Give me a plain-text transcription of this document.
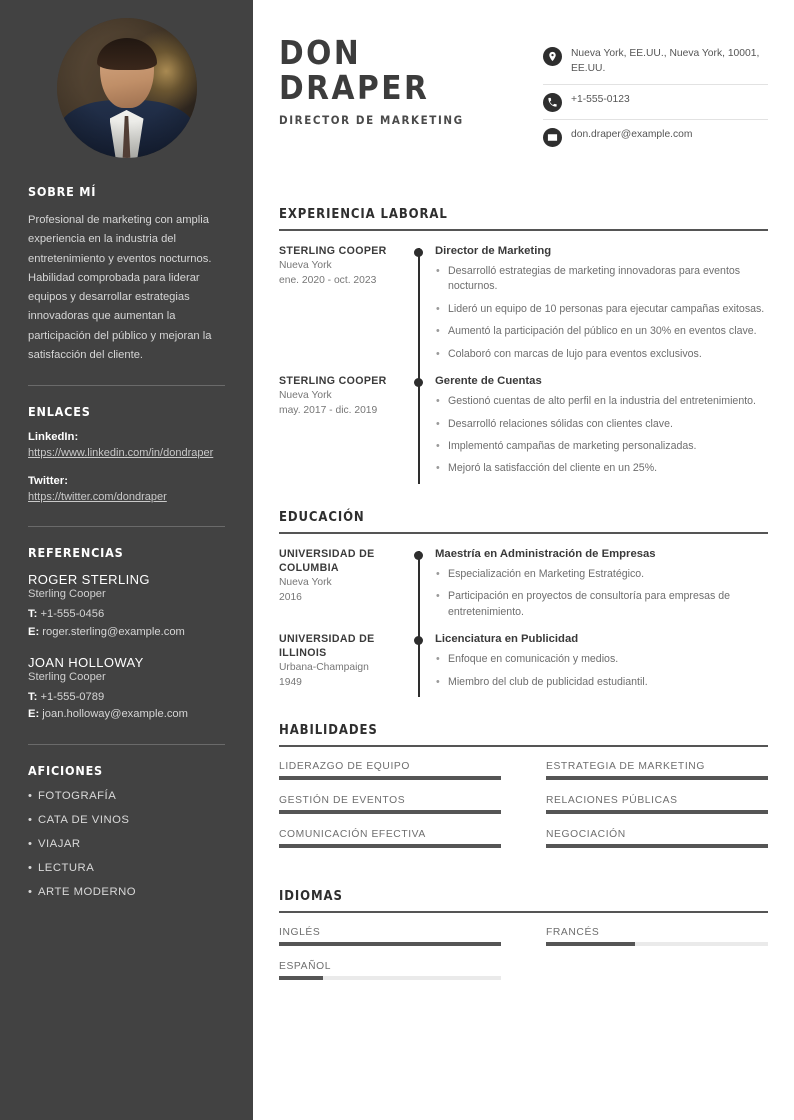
SOBRE MÍ

Profesional de marketing con amplia experiencia en la industria del entretenimiento y eventos nocturnos. Habilidad comprobada para liderar equipos y desarrollar estrategias innovadoras que aumentan la participación del público y mejoran la satisfacción del cliente.

ENLACES
LinkedIn:
https://www.linkedin.com/in/dondraper
Twitter:
https://twitter.com/dondraper
REFERENCIAS
ROGER STERLING
Sterling Cooper
T: +1-555-0456
E: roger.sterling@example.com
JOAN HOLLOWAY
Sterling Cooper
T: +1-555-0789
E: joan.holloway@example.com
AFICIONES
• FOTOGRAFÍA
• CATA DE VINOS
• VIAJAR
• LECTURA
• ARTE MODERNO
DON
DRAPER
DIRECTOR DE MARKETING
Nueva York, EE.UU., Nueva York, 10001, EE.UU.
+1-555-0123
don.draper@example.com
EXPERIENCIA LABORAL
STERLING COOPER
Nueva York
ene. 2020 - oct. 2023
Director de Marketing
• Desarrolló estrategias de marketing innovadoras para eventos nocturnos.
• Lideró un equipo de 10 personas para ejecutar campañas exitosas.
• Aumentó la participación del público en un 30% en eventos clave.
• Colaboró con marcas de lujo para eventos exclusivos.
STERLING COOPER
Nueva York
may. 2017 - dic. 2019
Gerente de Cuentas
• Gestionó cuentas de alto perfil en la industria del entretenimiento.
• Desarrolló relaciones sólidas con clientes clave.
• Implementó campañas de marketing personalizadas.
• Mejoró la satisfacción del cliente en un 25%.
EDUCACIÓN
UNIVERSIDAD DE COLUMBIA
Nueva York
2016
Maestría en Administración de Empresas
• Especialización en Marketing Estratégico.
• Participación en proyectos de consultoría para empresas de entretenimiento.
UNIVERSIDAD DE ILLINOIS
Urbana-Champaign
1949
Licenciatura en Publicidad
• Enfoque en comunicación y medios.
• Miembro del club de publicidad estudiantil.
HABILIDADES
LIDERAZGO DE EQUIPO	ESTRATEGIA DE MARKETING
GESTIÓN DE EVENTOS	RELACIONES PÚBLICAS
COMUNICACIÓN EFECTIVA	NEGOCIACIÓN
IDIOMAS
INGLÉS	FRANCÉS
ESPAÑOL
